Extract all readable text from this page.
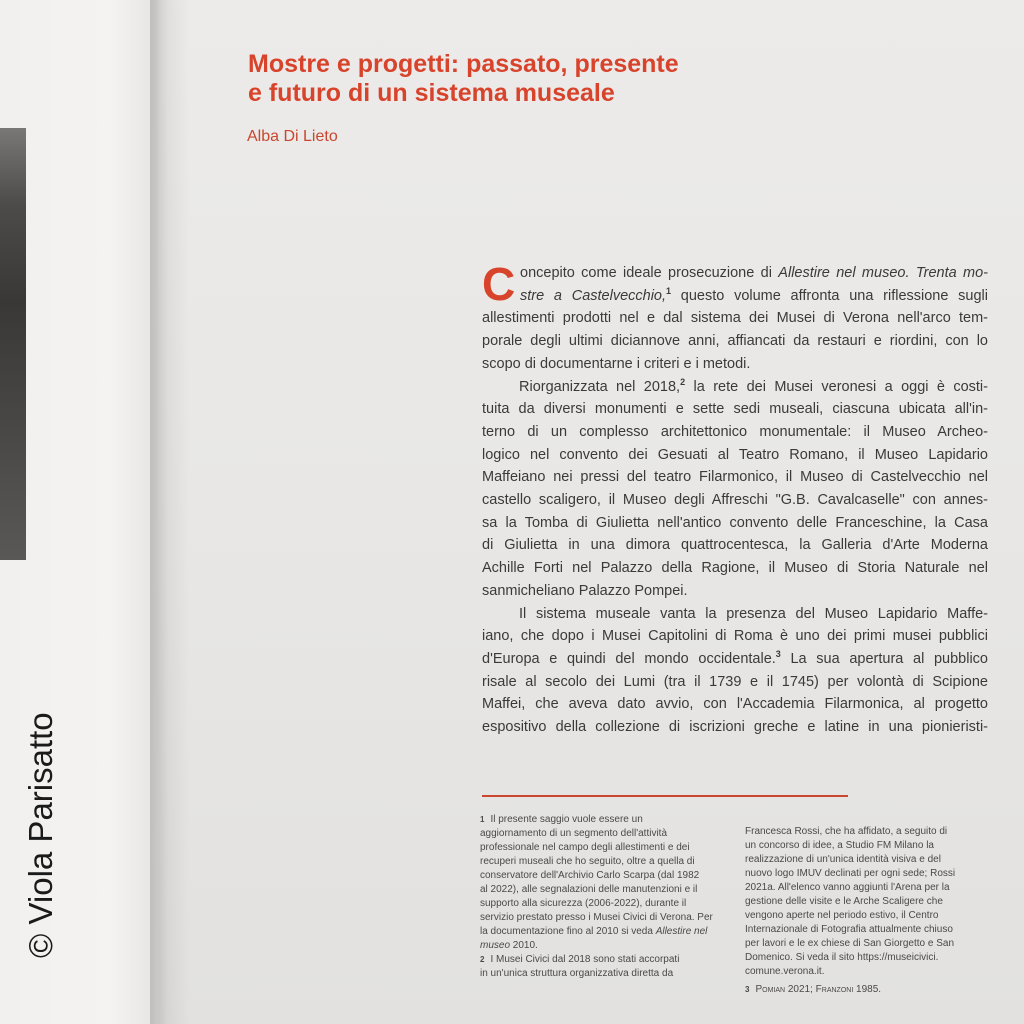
Mostre e progetti: passato, presente
e futuro di un sistema museale
Alba Di Lieto
C oncepito come ideale prosecuzione di Allestire nel museo. Trenta mo-
stre a Castelvecchio,$^1$ questo volume affronta una riflessione sugli
allestimenti prodotti nel e dal sistema dei Musei di Verona nell'arco tem-
porale degli ultimi diciannove anni, affiancati da restauri e riordini, con lo
scopo di documentarne i criteri e i metodi.
Riorganizzata nel 2018,$^2$ la rete dei Musei veronesi a oggi è costi-
tuita da diversi monumenti e sette sedi museali, ciascuna ubicata all'in-
terno di un complesso architettonico monumentale: il Museo Archeo-
logico nel convento dei Gesuati al Teatro Romano, il Museo Lapidario
Maffeiano nei pressi del teatro Filarmonico, il Museo di Castelvecchio nel
castello scaligero, il Museo degli Affreschi "G.B. Cavalcaselle" con annes-
sa la Tomba di Giulietta nell'antico convento delle Franceschine, la Casa
di Giulietta in una dimora quattrocentesca, la Galleria d'Arte Moderna
Achille Forti nel Palazzo della Ragione, il Museo di Storia Naturale nel
sanmicheliano Palazzo Pompei.
Il sistema museale vanta la presenza del Museo Lapidario Maffe-
iano, che dopo i Musei Capitolini di Roma è uno dei primi musei pubblici
d'Europa e quindi del mondo occidentale.$^3$ La sua apertura al pubblico
risale al secolo dei Lumi (tra il 1739 e il 1745) per volontà di Scipione
Maffei, che aveva dato avvio, con l'Accademia Filarmonica, al progetto
espositivo della collezione di iscrizioni greche e latine in una pionieristi-
1 Il presente saggio vuole essere un
aggiornamento di un segmento dell'attività
professionale nel campo degli allestimenti e dei
recuperi museali che ho seguito, oltre a quella di
conservatore dell'Archivio Carlo Scarpa (dal 1982
al 2022), alle segnalazioni delle manutenzioni e il
supporto alla sicurezza (2006-2022), durante il
servizio prestato presso i Musei Civici di Verona. Per
la documentazione fino al 2010 si veda Allestire nel
museo 2010.
2 I Musei Civici dal 2018 sono stati accorpati
in un'unica struttura organizzativa diretta da
Francesca Rossi, che ha affidato, a seguito di
un concorso di idee, a Studio FM Milano la
realizzazione di un'unica identità visiva e del
nuovo logo IMUV declinati per ogni sede; Rossi
2021a. All'elenco vanno aggiunti l'Arena per la
gestione delle visite e le Arche Scaligere che
vengono aperte nel periodo estivo, il Centro
Internazionale di Fotografia attualmente chiuso
per lavori e le ex chiese di San Giorgetto e San
Domenico. Si veda il sito https://museicivici.
comune.verona.it.
3 Pomian 2021; Franzoni 1985.
© Viola Parisatto
